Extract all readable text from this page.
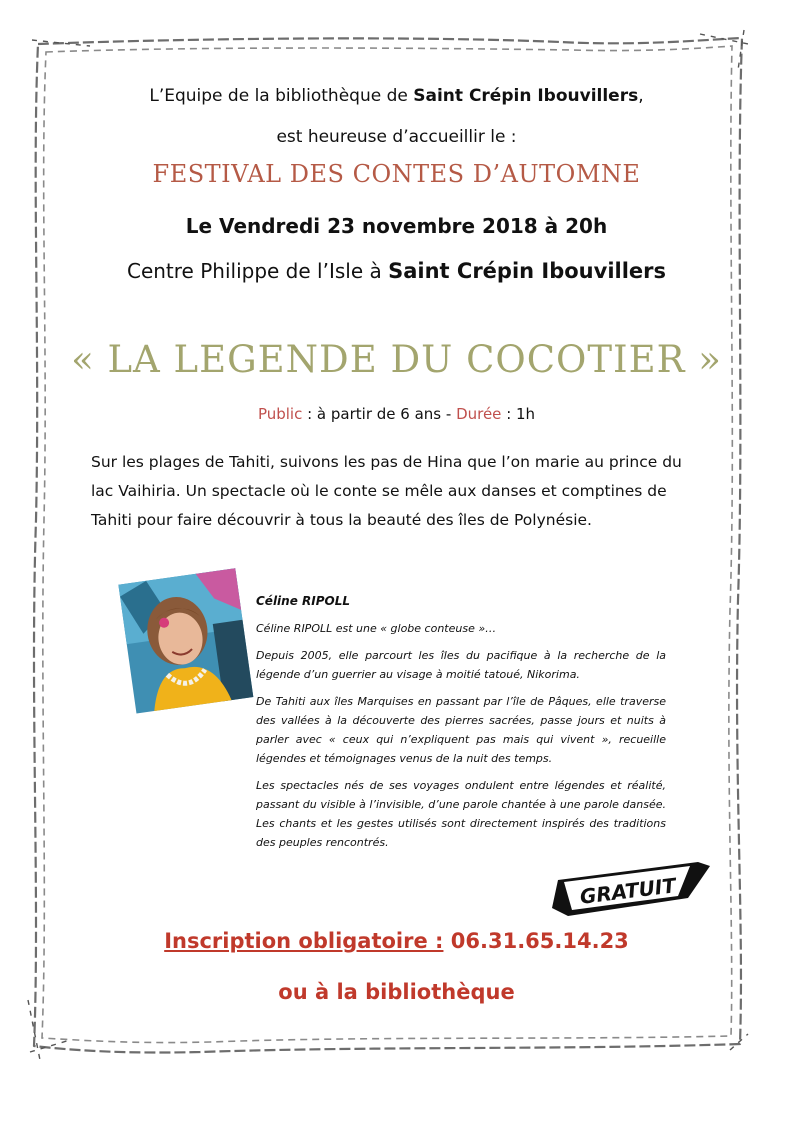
L’Equipe de la bibliothèque de Saint Crépin Ibouvillers,
est heureuse d’accueillir le :
FESTIVAL DES CONTES D’AUTOMNE
Le Vendredi 23 novembre 2018 à 20h
Centre Philippe de l’Isle à Saint Crépin Ibouvillers
« LA LEGENDE DU COCOTIER »
Public : à partir de 6 ans - Durée : 1h
Sur les plages de Tahiti, suivons les pas de Hina que l’on marie au prince du lac Vaihiria. Un spectacle où le conte se mêle aux danses et comptines de Tahiti pour faire découvrir à tous la beauté des îles de Polynésie.

Céline RIPOLL

Céline RIPOLL est une « globe conteuse »…

Depuis 2005, elle parcourt les îles du pacifique à la recherche de la légende d’un guerrier au visage à moitié tatoué, Nikorima.

De Tahiti aux îles Marquises en passant par l’île de Pâques, elle traverse des vallées à la découverte des pierres sacrées, passe jours et nuits à parler avec « ceux qui n’expliquent pas mais qui vivent », recueille légendes et témoignages venus de la nuit des temps.

Les spectacles nés de ses voyages ondulent entre légendes et réalité, passant du visible à l’invisible, d’une parole chantée à une parole dansée. Les chants et les gestes utilisés sont directement inspirés des traditions des peuples rencontrés.

GRATUIT
Inscription obligatoire : 06.31.65.14.23
ou à la bibliothèque
